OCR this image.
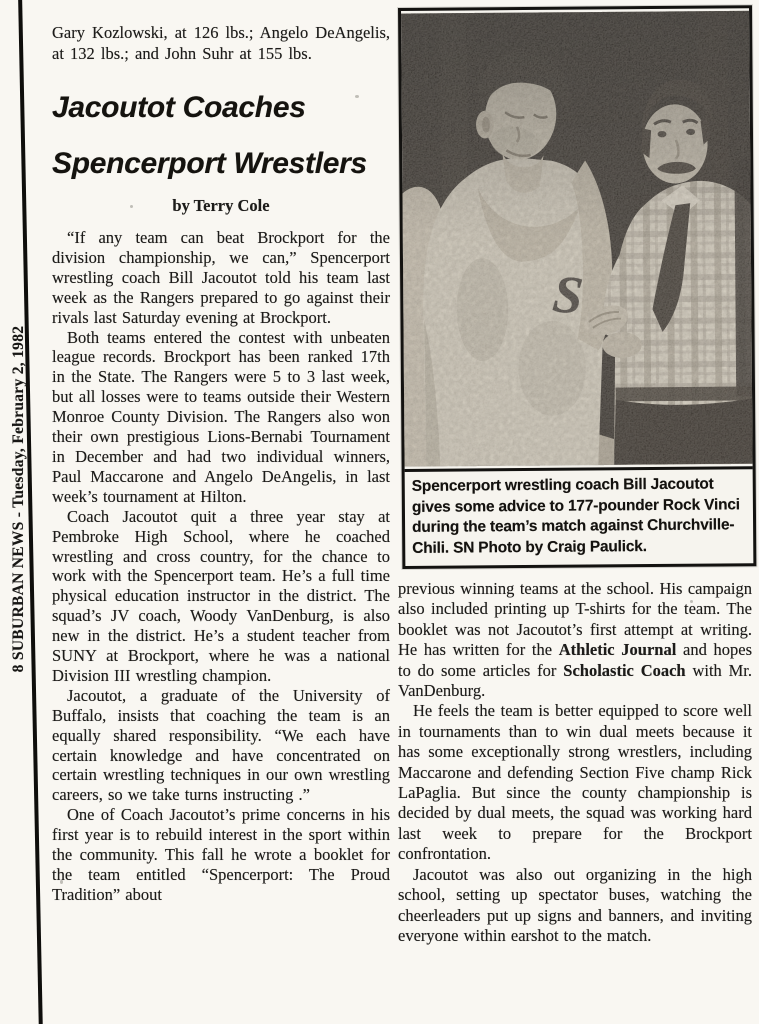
8 SUBURBAN NEWS - Tuesday, February 2, 1982

Gary Kozlowski, at 126 lbs.; Angelo DeAngelis, at 132 lbs.; and John Suhr at 155 lbs.

Jacoutot Coaches
Spencerport Wrestlers
by Terry Cole

“If any team can beat Brockport for the division championship, we can,” Spencerport wrestling coach Bill Jacoutot told his team last week as the Rangers prepared to go against their rivals last Saturday evening at Brockport.

Both teams entered the contest with unbeaten league records. Brockport has been ranked 17th in the State. The Rangers were 5 to 3 last week, but all losses were to teams outside their Western Monroe County Division. The Rangers also won their own prestigious Lions-Bernabi Tournament in December and had two individual winners, Paul Maccarone and Angelo DeAngelis, in last week’s tournament at Hilton.

Coach Jacoutot quit a three year stay at Pembroke High School, where he coached wrestling and cross country, for the chance to work with the Spencerport team. He’s a full time physical education instructor in the district. The squad’s JV coach, Woody VanDenburg, is also new in the district. He’s a student teacher from SUNY at Brockport, where he was a national Division III wrestling champion.

Jacoutot, a graduate of the University of Buffalo, insists that coaching the team is an equally shared responsibility. “We each have certain knowledge and have concentrated on certain wrestling techniques in our own wrestling careers, so we take turns instructing .”

One of Coach Jacoutot’s prime concerns in his first year is to rebuild interest in the sport within the community. This fall he wrote a booklet for the team entitled “Spencerport: The Proud Tradition” about

Spencerport wrestling coach Bill Jacoutot gives some advice to 177-pounder Rock Vinci during the team’s match against Churchville-Chili. SN Photo by Craig Paulick.

previous winning teams at the school. His campaign also included printing up T-shirts for the team. The booklet was not Jacoutot’s first attempt at writing. He has written for the Athletic Journal and hopes to do some articles for Scholastic Coach with Mr. VanDenburg.

He feels the team is better equipped to score well in tournaments than to win dual meets because it has some exceptionally strong wrestlers, including Maccarone and defending Section Five champ Rick LaPaglia. But since the county championship is decided by dual meets, the squad was working hard last week to prepare for the Brockport confrontation.

Jacoutot was also out organizing in the high school, setting up spectator buses, watching the cheerleaders put up signs and banners, and inviting everyone within earshot to the match.
